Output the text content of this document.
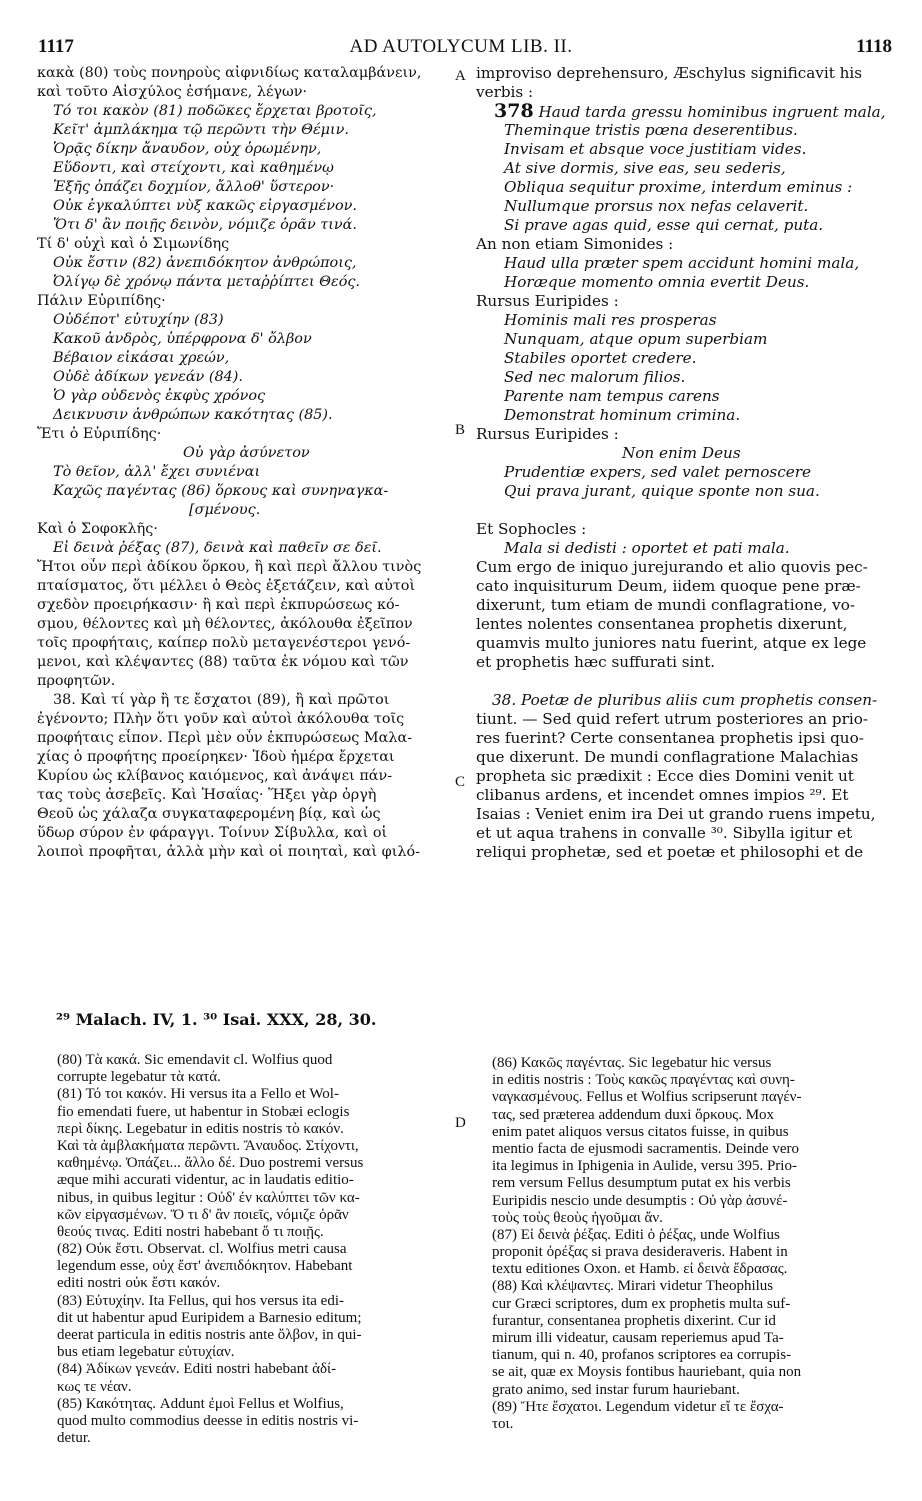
1117	AD AUTOLYCUM LIB. II.	1118
κακὰ (80) τοὺς πονηροὺς αἰφνιδίως καταλαμβάνειν,
καὶ τοῦτο Αἰσχύλος ἐσήμανε, λέγων·
Τό τοι κακὸν (81) ποδῶκες ἔρχεται βροτοῖς,
Κεῖτ' ἀμπλάκημα τῷ περῶντι τὴν Θέμιν.
Ὁρᾷς δίκην ἄναυδον, οὐχ ὁρωμένην,
Εὕδοντι, καὶ στείχοντι, καὶ καθημένῳ
Ἐξῆς ὀπάζει δοχμίον, ἄλλοθ' ὕστερον·
Οὐκ ἐγκαλύπτει νὺξ κακῶς εἰργασμένον.
Ὅτι δ' ἂν ποιῇς δεινὸν, νόμιζε ὁρᾶν τινά.
Τί δ' οὐχὶ καὶ ὁ Σιμωνίδης
Οὐκ ἔστιν (82) ἀνεπιδόκητον ἀνθρώποις,
Ὀλίγῳ δὲ χρόνῳ πάντα μεταῤῥίπτει Θεός.
Πάλιν Εὐριπίδης·
Οὐδέποτ' εὐτυχίην (83)
Κακοῦ ἀνδρὸς, ὑπέρφρονα δ' ὄλβον
Βέβαιον εἰκάσαι χρεών,
Οὐδὲ ἀδίκων γενεάν (84).
Ὁ γὰρ οὐδενὸς ἐκφὺς χρόνος
Δεικνυσιν ἀνθρώπων κακότητας (85).
Ἔτι ὁ Εὐριπίδης·
Οὐ γὰρ ἀσύνετον
Τὸ θεῖον, ἀλλ' ἔχει συνιέναι
Καχῶς παγέντας (86) ὅρκους καὶ συνηναγκα-
[σμένους.
Καὶ ὁ Σοφοκλῆς·
Εἰ δεινὰ ῥέξας (87), δεινὰ καὶ παθεῖν σε δεῖ.
Ἤτοι οὖν περὶ ἀδίκου ὅρκου, ἢ καὶ περὶ ἄλλου τινὸς
πταίσματος, ὅτι μέλλει ὁ Θεὸς ἐξετάζειν, καὶ αὐτοὶ
σχεδὸν προειρήκασιν· ἢ καὶ περὶ ἐκπυρώσεως κό-
σμου, θέλοντες καὶ μὴ θέλοντες, ἀκόλουθα ἐξεῖπον
τοῖς προφήταις, καίπερ πολὺ μεταγενέστεροι γενό-
μενοι, καὶ κλέψαντες (88) ταῦτα ἐκ νόμου καὶ τῶν
προφητῶν.
38. Καὶ τί γὰρ ἢ τε ἔσχατοι (89), ἢ καὶ πρῶτοι
ἐγένοντο; Πλὴν ὅτι γοῦν καὶ αὐτοὶ ἀκόλουθα τοῖς
προφήταις εἶπον. Περὶ μὲν οὖν ἐκπυρώσεως Μαλα-
χίας ὁ προφήτης προείρηκεν· Ἰδοὺ ἡμέρα ἔρχεται
Κυρίου ὡς κλίβανος καιόμενος, καὶ ἀνάψει πάν-
τας τοὺς ἀσεβεῖς. Καὶ Ἠσαΐας· Ἥξει γὰρ ὀργὴ
Θεοῦ ὡς χάλαζα συγκαταφερομένη βίᾳ, καὶ ὡς
ὕδωρ σύρον ἐν φάραγγι. Τοίνυν Σίβυλλα, καὶ οἱ
λοιποὶ προφῆται, ἀλλὰ μὴν καὶ οἱ ποιηταὶ, καὶ φιλό-
improviso deprehensuro, Æschylus significavit his
verbis :
378 Haud tarda gressu hominibus ingruent mala,
Theminque tristis pœna deserentibus.
Invisam et absque voce justitiam vides.
At sive dormis, sive eas, seu sederis,
Obliqua sequitur proxime, interdum eminus :
Nullumque prorsus nox nefas celaverit.
Si prave agas quid, esse qui cernat, puta.
An non etiam Simonides :
Haud ulla præter spem accidunt homini mala,
Horæque momento omnia evertit Deus.
Rursus Euripides :
Hominis mali res prosperas
Nunquam, atque opum superbiam
Stabiles oportet credere.
Sed nec malorum filios.
Parente nam tempus carens
Demonstrat hominum crimina.
Rursus Euripides :
Non enim Deus
Prudentiæ expers, sed valet pernoscere
Qui prava jurant, quique sponte non sua.

Et Sophocles :
Mala si dedisti : oportet et pati mala.
Cum ergo de iniquo jurejurando et alio quovis pec-
cato inquisiturum Deum, iidem quoque pene præ-
dixerunt, tum etiam de mundi conflagratione, vo-
lentes nolentes consentanea prophetis dixerunt,
quamvis multo juniores natu fuerint, atque ex lege
et prophetis hæc suffurati sint.

38. Poetæ de pluribus aliis cum prophetis consen-
tiunt. — Sed quid refert utrum posteriores an prio-
res fuerint? Certe consentanea prophetis ipsi quo-
que dixerunt. De mundi conflagratione Malachias
propheta sic prædixit : Ecce dies Domini venit ut
clibanus ardens, et incendet omnes impios ²⁹. Et
Isaias : Veniet enim ira Dei ut grando ruens impetu,
et ut aqua trahens in convalle ³⁰. Sibylla igitur et
reliqui prophetæ, sed et poetæ et philosophi et de
A
B
C
D
²⁹ Malach. IV, 1. ³⁰ Isai. XXX, 28, 30.
(80) Τὰ κακά. Sic emendavit cl. Wolfius quod
corrupte legebatur τὰ κατά.
(81) Τό τοι κακόν. Hi versus ita a Fello et Wol-
fio emendati fuere, ut habentur in Stobæi eclogis
περὶ δίκης. Legebatur in editis nostris τὸ κακόν.
Καὶ τὰ ἀμβλακήματα περῶντι. Ἄναυδος. Στίχοντι,
καθημένῳ. Ὀπάζει... ἄλλο δέ. Duo postremi versus
æque mihi accurati videntur, ac in laudatis editio-
nibus, in quibus legitur : Οὐδ' ἐν καλύπτει τῶν κα-
κῶν εἰργασμένων. Ὅ τι δ' ἂν ποιεῖς, νόμιζε ὁρᾶν
θεούς τινας. Editi nostri habebant ὅ τι ποιῇς.
(82) Οὐκ ἔστι. Observat. cl. Wolfius metri causa
legendum esse, οὐχ ἔστ' ἀνεπιδόκητον. Habebant
editi nostri οὐκ ἔστι κακόν.
(83) Εὐτυχίην. Ita Fellus, qui hos versus ita edi-
dit ut habentur apud Euripidem a Barnesio editum;
deerat particula in editis nostris ante ὄλβον, in qui-
bus etiam legebatur εὐτυχίαν.
(84) Ἀδίκων γενεάν. Editi nostri habebant ἀδί-
κως τε νέαν.
(85) Κακότητας. Addunt ἐμοὶ Fellus et Wolfius,
quod multo commodius deesse in editis nostris vi-
detur.
(86) Κακῶς παγέντας. Sic legebatur hic versus
in editis nostris : Τοὺς κακῶς πραγέντας καὶ συνη-
ναγκασμένους. Fellus et Wolfius scripserunt παγέν-
τας, sed præterea addendum duxi ὅρκους. Mox
enim patet aliquos versus citatos fuisse, in quibus
mentio facta de ejusmodi sacramentis. Deinde vero
ita legimus in Iphigenia in Aulide, versu 395. Prio-
rem versum Fellus desumptum putat ex his verbis
Euripidis nescio unde desumptis : Οὐ γὰρ ἀσυνέ-
τοὺς τοὺς θεοὺς ἡγοῦμαι ἄν.
(87) Εἰ δεινὰ ῥέξας. Editi ὁ ῥέξας, unde Wolfius
proponit ὀρέξας si prava desideraveris. Habent in
textu editiones Oxon. et Hamb. εἰ δεινὰ ἔδρασας.
(88) Καὶ κλέψαντες. Mirari videtur Theophilus
cur Græci scriptores, dum ex prophetis multa suf-
furantur, consentanea prophetis dixerint. Cur id
mirum illi videatur, causam reperiemus apud Ta-
tianum, qui n. 40, profanos scriptores ea corrupis-
se ait, quæ ex Moysis fontibus hauriebant, quia non
grato animo, sed instar furum hauriebant.
(89) Ἤτε ἔσχατοι. Legendum videtur εἴ τε ἔσχα-
τοι.
